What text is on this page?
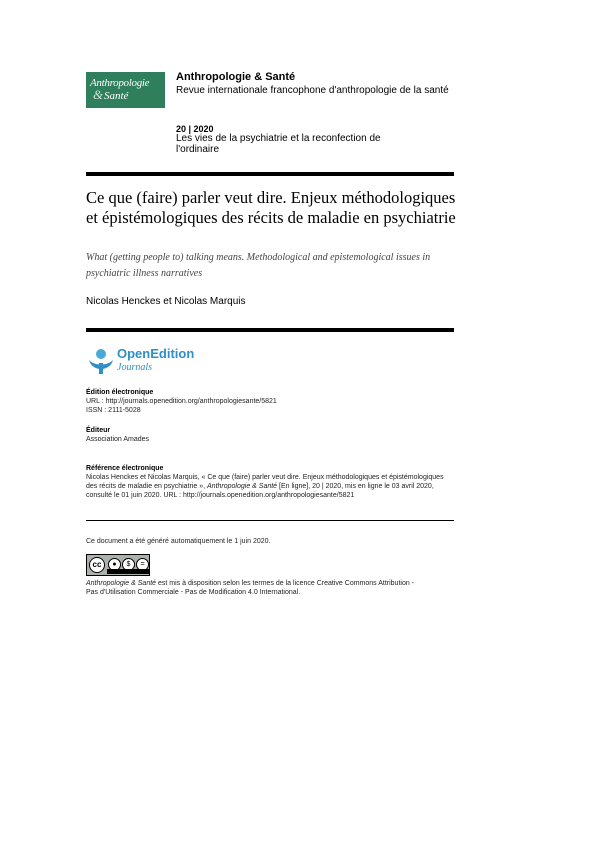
Anthropologie
& Santé
Anthropologie & Santé
Revue internationale francophone d'anthropologie de la santé
20 | 2020
Les vies de la psychiatrie et la reconfection de l'ordinaire
Ce que (faire) parler veut dire. Enjeux méthodologiques et épistémologiques des récits de maladie en psychiatrie
What (getting people to) talking means. Methodological and epistemological issues in psychiatric illness narratives
Nicolas Henckes et Nicolas Marquis
OpenEdition
Journals
Édition électronique
URL : http://journals.openedition.org/anthropologiesante/5821
ISSN : 2111-5028
Éditeur
Association Amades
Référence électronique
Nicolas Henckes et Nicolas Marquis, « Ce que (faire) parler veut dire. Enjeux méthodologiques et épistémologiques des récits de maladie en psychiatrie », Anthropologie & Santé [En ligne], 20 | 2020, mis en ligne le 03 avril 2020, consulté le 01 juin 2020. URL : http://journals.openedition.org/anthropologiesante/5821
Ce document a été généré automatiquement le 1 juin 2020.
cc	●	$	=
Anthropologie & Santé est mis à disposition selon les termes de la licence Creative Commons Attribution - Pas d'Utilisation Commerciale - Pas de Modification 4.0 International.
